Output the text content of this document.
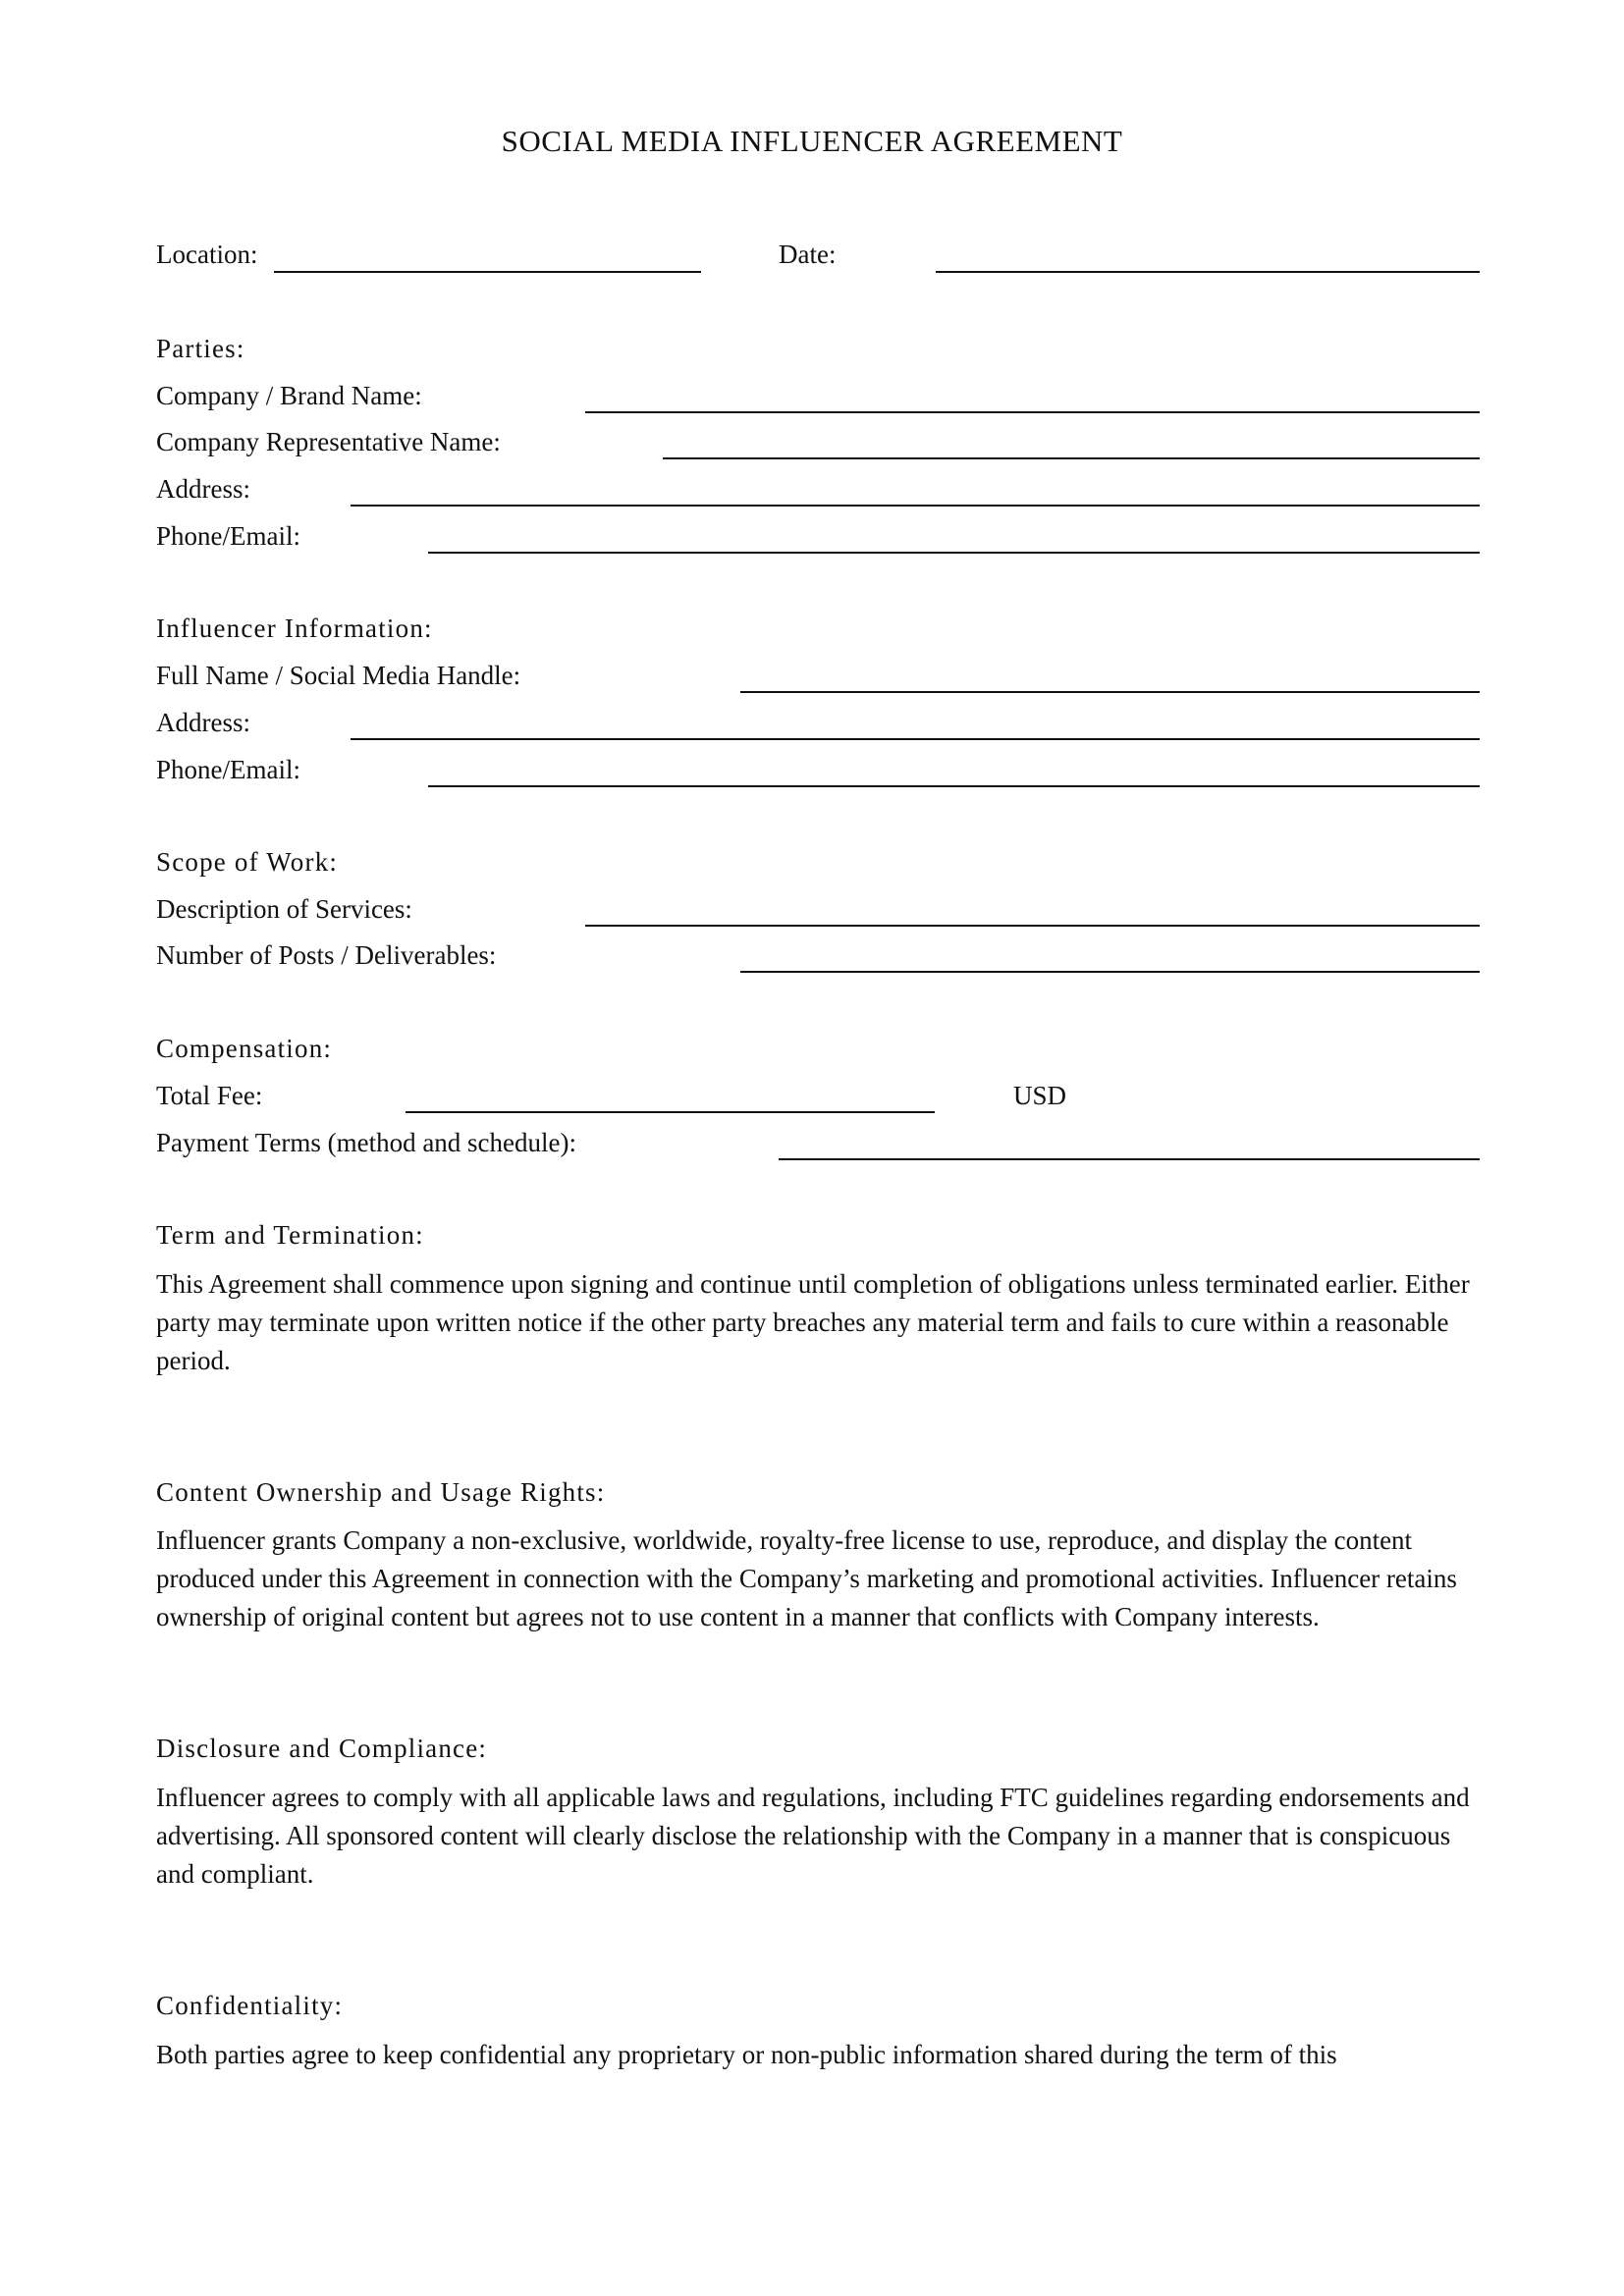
SOCIAL MEDIA INFLUENCER AGREEMENT
Location:	Date:
Parties:
Company / Brand Name:
Company Representative Name:
Address:
Phone/Email:
Influencer Information:
Full Name / Social Media Handle:
Address:
Phone/Email:
Scope of Work:
Description of Services:
Number of Posts / Deliverables:
Compensation:
Total Fee:	USD
Payment Terms (method and schedule):
Term and Termination:
This Agreement shall commence upon signing and continue until completion of obligations unless terminated earlier. Either party may terminate upon written notice if the other party breaches any material term and fails to cure within a reasonable period.
Content Ownership and Usage Rights:
Influencer grants Company a non-exclusive, worldwide, royalty-free license to use, reproduce, and display the content produced under this Agreement in connection with the Company’s marketing and promotional activities. Influencer retains ownership of original content but agrees not to use content in a manner that conflicts with Company interests.
Disclosure and Compliance:
Influencer agrees to comply with all applicable laws and regulations, including FTC guidelines regarding endorsements and advertising. All sponsored content will clearly disclose the relationship with the Company in a manner that is conspicuous and compliant.
Confidentiality:
Both parties agree to keep confidential any proprietary or non-public information shared during the term of this
